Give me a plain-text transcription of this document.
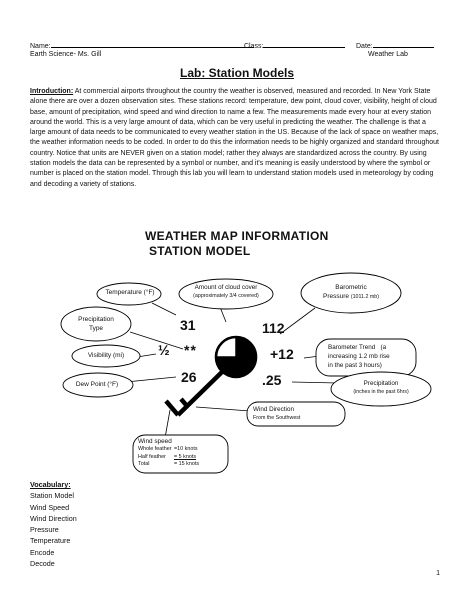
Name:	Class:	Date:
Earth Science- Ms. Gill	Weather Lab
Lab: Station Models
Introduction: At commercial airports throughout the country the weather is observed, measured and recorded. In New York State alone there are over a dozen observation sites. These stations record: temperature, dew point, cloud cover, visibility, height of cloud base, amount of precipitation, wind speed and wind direction to name a few. The measurements made every hour at every station around the world. This is a very large amount of data, which can be very useful in predicting the weather. The challenge is that a large amount of data needs to be communicated to every weather station in the US. Because of the lack of space on weather maps, the weather information needs to be coded. In order to do this the information needs to be highly organized and standard throughout country. Notice that units are NEVER given on a station model; rather they always are standardized across the country. By using station models the data can be represented by a symbol or number, and it's meaning is easily understood by where the symbol or number is placed on the station model. Through this lab you will learn to understand station models used in meteorology by coding and decoding a variety of stations.
WEATHER MAP INFORMATION
STATION MODEL
Temperature (°F)
Amount of cloud cover
(approximately 3/4 covered)
Barometric
Pressure (1011.2 mb)
Precipitation
Type
Barometer Trend (a
increasing 1.2 mb rise
in the past 3 hours)
Visibility (mi)
Dew Point (°F)	Precipitation
(inches in the past 6hrs)
Wind Direction
From the Southwest
Wind speed
Whole feather =10 knots
Half feather = 5 knots
Total	= 15 knots
31	112
½ **	+12
26	.25
Vocabulary:
Station Model
Wind Speed
Wind Direction
Pressure
Temperature
Encode
Decode
1
